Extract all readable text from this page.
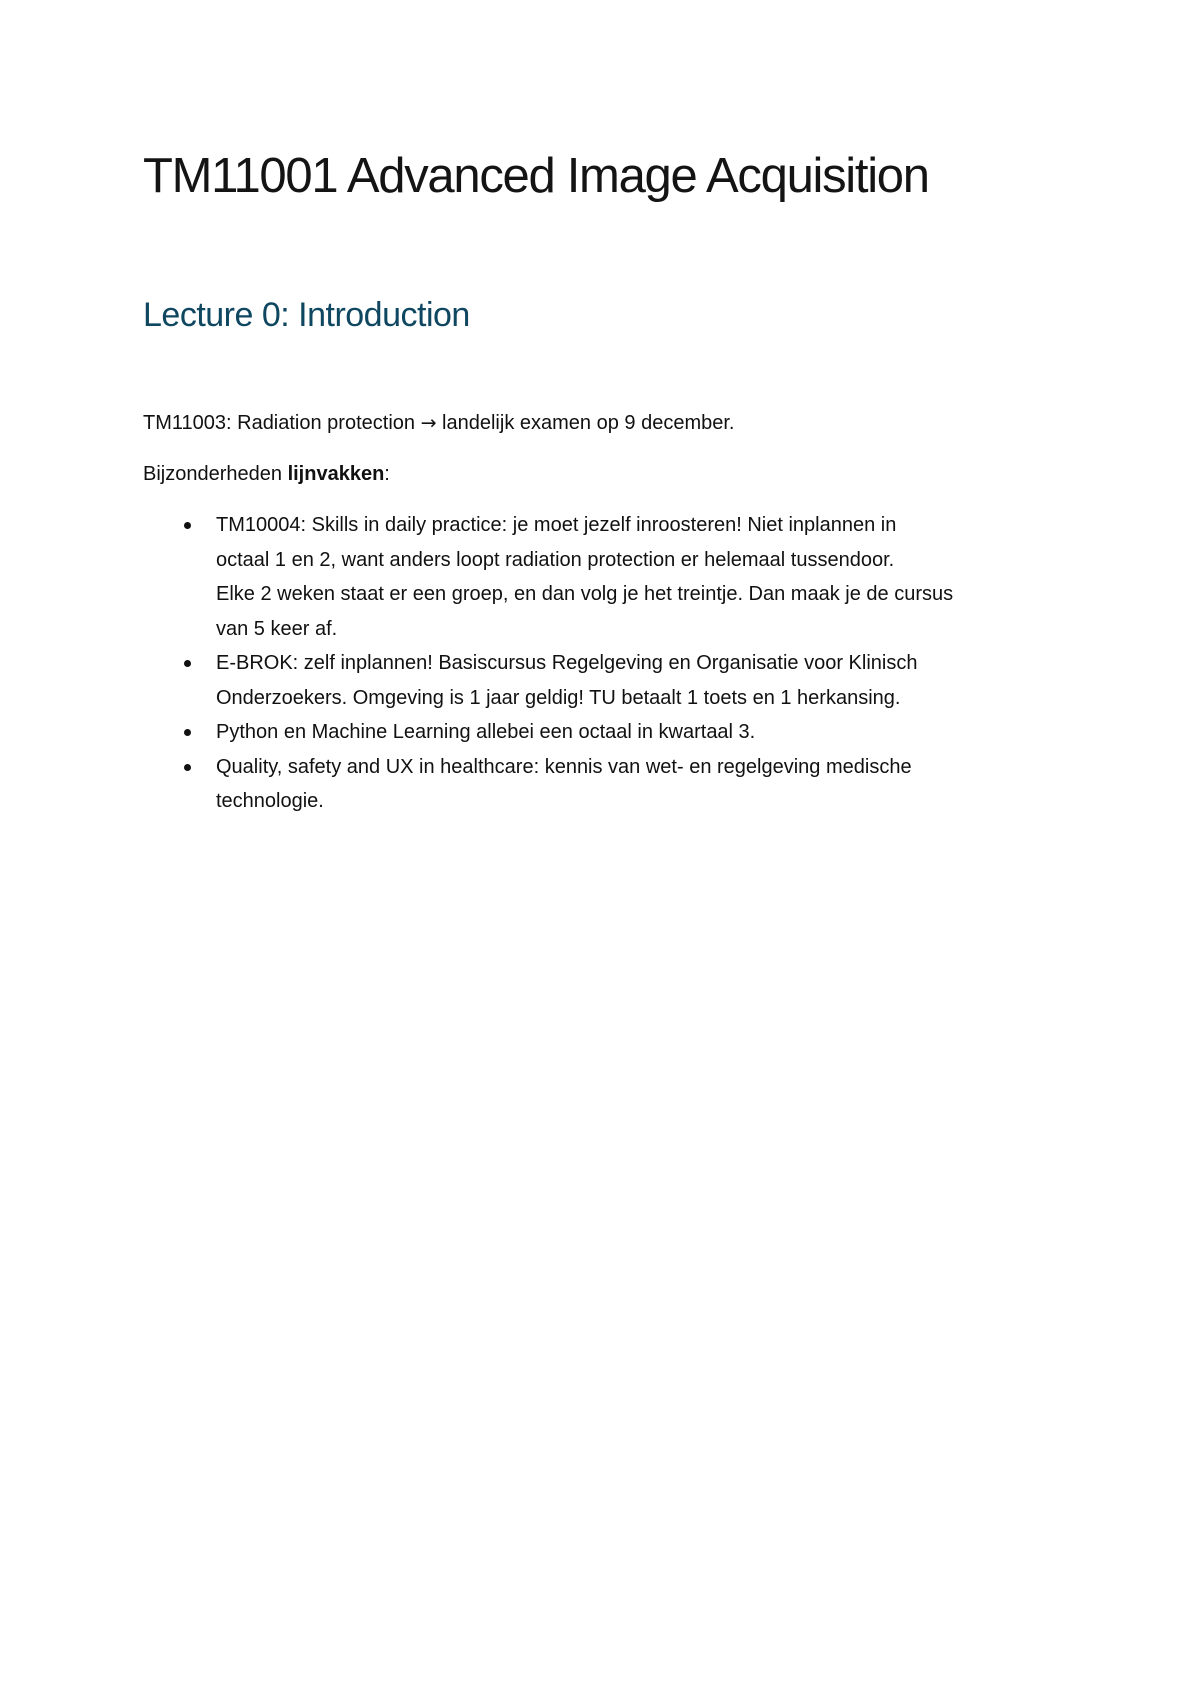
TM11001 Advanced Image Acquisition
Lecture 0: Introduction

TM11003: Radiation protection → landelijk examen op 9 december.

Bijzonderheden lijnvakken:

TM10004: Skills in daily practice: je moet jezelf inroosteren! Niet inplannen in
octaal 1 en 2, want anders loopt radiation protection er helemaal tussendoor.
Elke 2 weken staat er een groep, en dan volg je het treintje. Dan maak je de cursus
van 5 keer af.
E-BROK: zelf inplannen! Basiscursus Regelgeving en Organisatie voor Klinisch
Onderzoekers. Omgeving is 1 jaar geldig! TU betaalt 1 toets en 1 herkansing.
Python en Machine Learning allebei een octaal in kwartaal 3.
Quality, safety and UX in healthcare: kennis van wet- en regelgeving medische
technologie.
